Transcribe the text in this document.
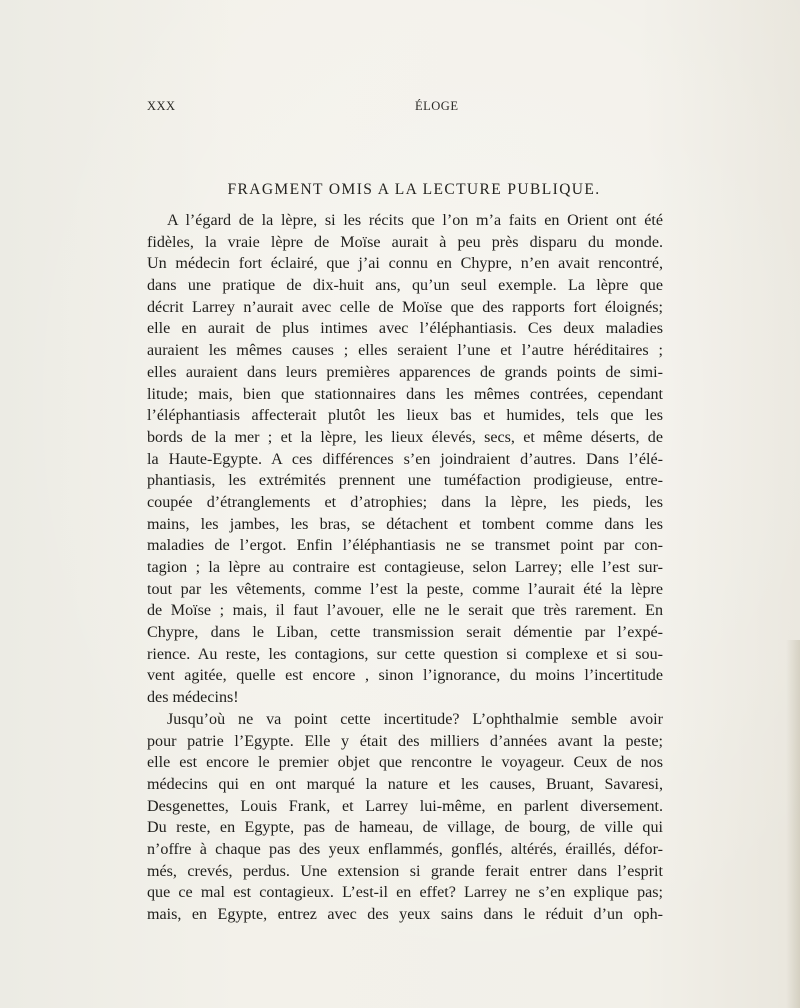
XXX	ÉLOGE
FRAGMENT OMIS A LA LECTURE PUBLIQUE.
A l’égard de la lèpre, si les récits que l’on m’a faits en Orient ont été
fidèles, la vraie lèpre de Moïse aurait à peu près disparu du monde.
Un médecin fort éclairé, que j’ai connu en Chypre, n’en avait rencontré,
dans une pratique de dix-huit ans, qu’un seul exemple. La lèpre que
décrit Larrey n’aurait avec celle de Moïse que des rapports fort éloignés;
elle en aurait de plus intimes avec l’éléphantiasis. Ces deux maladies
auraient les mêmes causes ; elles seraient l’une et l’autre héréditaires ;
elles auraient dans leurs premières apparences de grands points de simi-
litude; mais, bien que stationnaires dans les mêmes contrées, cependant
l’éléphantiasis affecterait plutôt les lieux bas et humides, tels que les
bords de la mer ; et la lèpre, les lieux élevés, secs, et même déserts, de
la Haute-Egypte. A ces différences s’en joindraient d’autres. Dans l’élé-
phantiasis, les extrémités prennent une tuméfaction prodigieuse, entre-
coupée d’étranglements et d’atrophies; dans la lèpre, les pieds, les
mains, les jambes, les bras, se détachent et tombent comme dans les
maladies de l’ergot. Enfin l’éléphantiasis ne se transmet point par con-
tagion ; la lèpre au contraire est contagieuse, selon Larrey; elle l’est sur-
tout par les vêtements, comme l’est la peste, comme l’aurait été la lèpre
de Moïse ; mais, il faut l’avouer, elle ne le serait que très rarement. En
Chypre, dans le Liban, cette transmission serait démentie par l’expé-
rience. Au reste, les contagions, sur cette question si complexe et si sou-
vent agitée, quelle est encore , sinon l’ignorance, du moins l’incertitude
des médecins!
Jusqu’où ne va point cette incertitude? L’ophthalmie semble avoir
pour patrie l’Egypte. Elle y était des milliers d’années avant la peste;
elle est encore le premier objet que rencontre le voyageur. Ceux de nos
médecins qui en ont marqué la nature et les causes, Bruant, Savaresi,
Desgenettes, Louis Frank, et Larrey lui-même, en parlent diversement.
Du reste, en Egypte, pas de hameau, de village, de bourg, de ville qui
n’offre à chaque pas des yeux enflammés, gonflés, altérés, éraillés, défor-
més, crevés, perdus. Une extension si grande ferait entrer dans l’esprit
que ce mal est contagieux. L’est-il en effet? Larrey ne s’en explique pas;
mais, en Egypte, entrez avec des yeux sains dans le réduit d’un oph-
